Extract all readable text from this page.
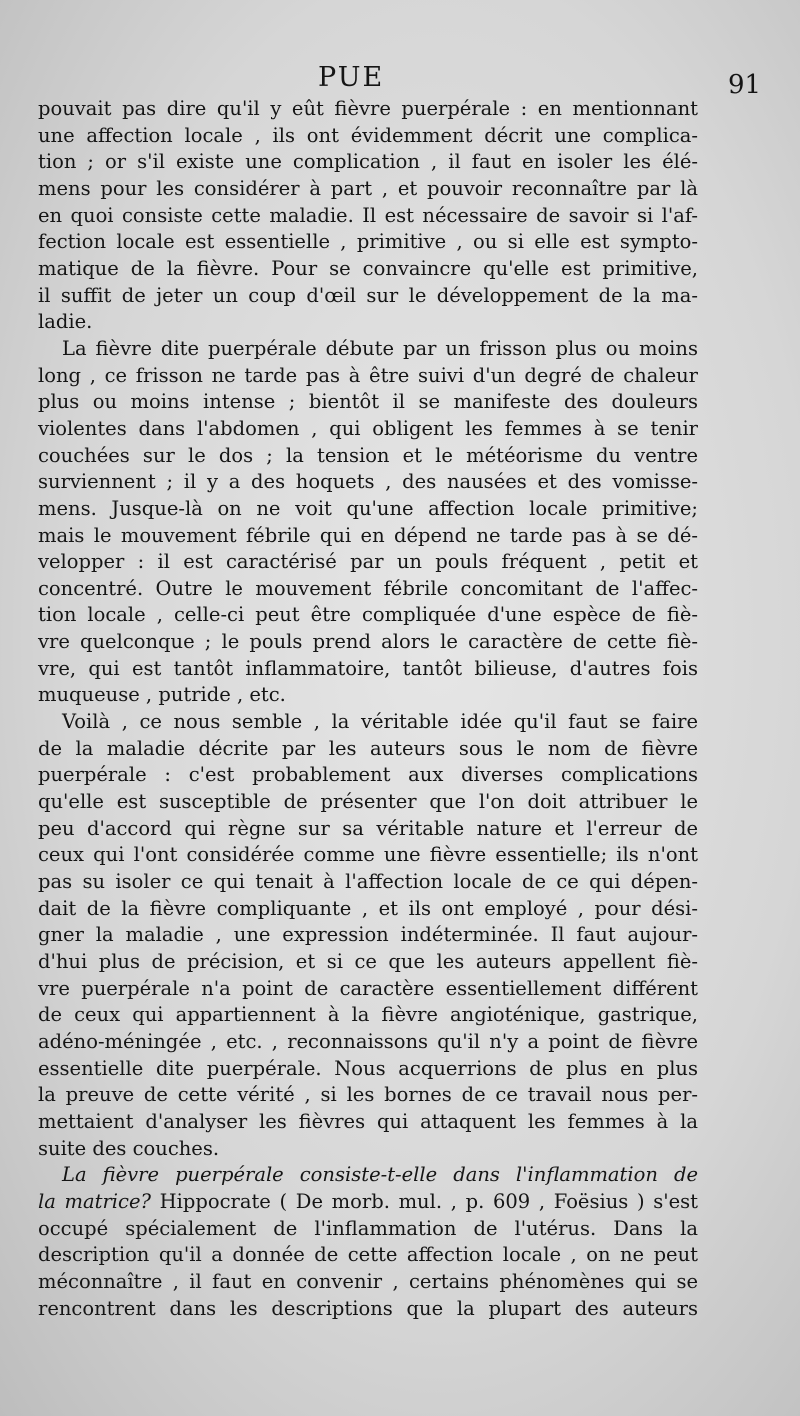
PUE	91
pouvait pas dire qu'il y eût fièvre puerpérale : en mentionnant
une affection locale , ils ont évidemment décrit une complica-
tion ; or s'il existe une complication , il faut en isoler les élé-
mens pour les considérer à part , et pouvoir reconnaître par là
en quoi consiste cette maladie. Il est nécessaire de savoir si l'af-
fection locale est essentielle , primitive , ou si elle est sympto-
matique de la fièvre. Pour se convaincre qu'elle est primitive,
il suffit de jeter un coup d'œil sur le développement de la ma-
ladie.
La fièvre dite puerpérale débute par un frisson plus ou moins
long , ce frisson ne tarde pas à être suivi d'un degré de chaleur
plus ou moins intense ; bientôt il se manifeste des douleurs
violentes dans l'abdomen , qui obligent les femmes à se tenir
couchées sur le dos ; la tension et le météorisme du ventre
surviennent ; il y a des hoquets , des nausées et des vomisse-
mens. Jusque-là on ne voit qu'une affection locale primitive;
mais le mouvement fébrile qui en dépend ne tarde pas à se dé-
velopper : il est caractérisé par un pouls fréquent , petit et
concentré. Outre le mouvement fébrile concomitant de l'affec-
tion locale , celle-ci peut être compliquée d'une espèce de fiè-
vre quelconque ; le pouls prend alors le caractère de cette fiè-
vre, qui est tantôt inflammatoire, tantôt bilieuse, d'autres fois
muqueuse , putride , etc.
Voilà , ce nous semble , la véritable idée qu'il faut se faire
de la maladie décrite par les auteurs sous le nom de fièvre
puerpérale : c'est probablement aux diverses complications
qu'elle est susceptible de présenter que l'on doit attribuer le
peu d'accord qui règne sur sa véritable nature et l'erreur de
ceux qui l'ont considérée comme une fièvre essentielle; ils n'ont
pas su isoler ce qui tenait à l'affection locale de ce qui dépen-
dait de la fièvre compliquante , et ils ont employé , pour dési-
gner la maladie , une expression indéterminée. Il faut aujour-
d'hui plus de précision, et si ce que les auteurs appellent fiè-
vre puerpérale n'a point de caractère essentiellement différent
de ceux qui appartiennent à la fièvre angioténique, gastrique,
adéno-méningée , etc. , reconnaissons qu'il n'y a point de fièvre
essentielle dite puerpérale. Nous acquerrions de plus en plus
la preuve de cette vérité , si les bornes de ce travail nous per-
mettaient d'analyser les fièvres qui attaquent les femmes à la
suite des couches.
La fièvre puerpérale consiste-t-elle dans l'inflammation de
la matrice? Hippocrate ( De morb. mul. , p. 609 , Foësius ) s'est
occupé spécialement de l'inflammation de l'utérus. Dans la
description qu'il a donnée de cette affection locale , on ne peut
méconnaître , il faut en convenir , certains phénomènes qui se
rencontrent dans les descriptions que la plupart des auteurs
